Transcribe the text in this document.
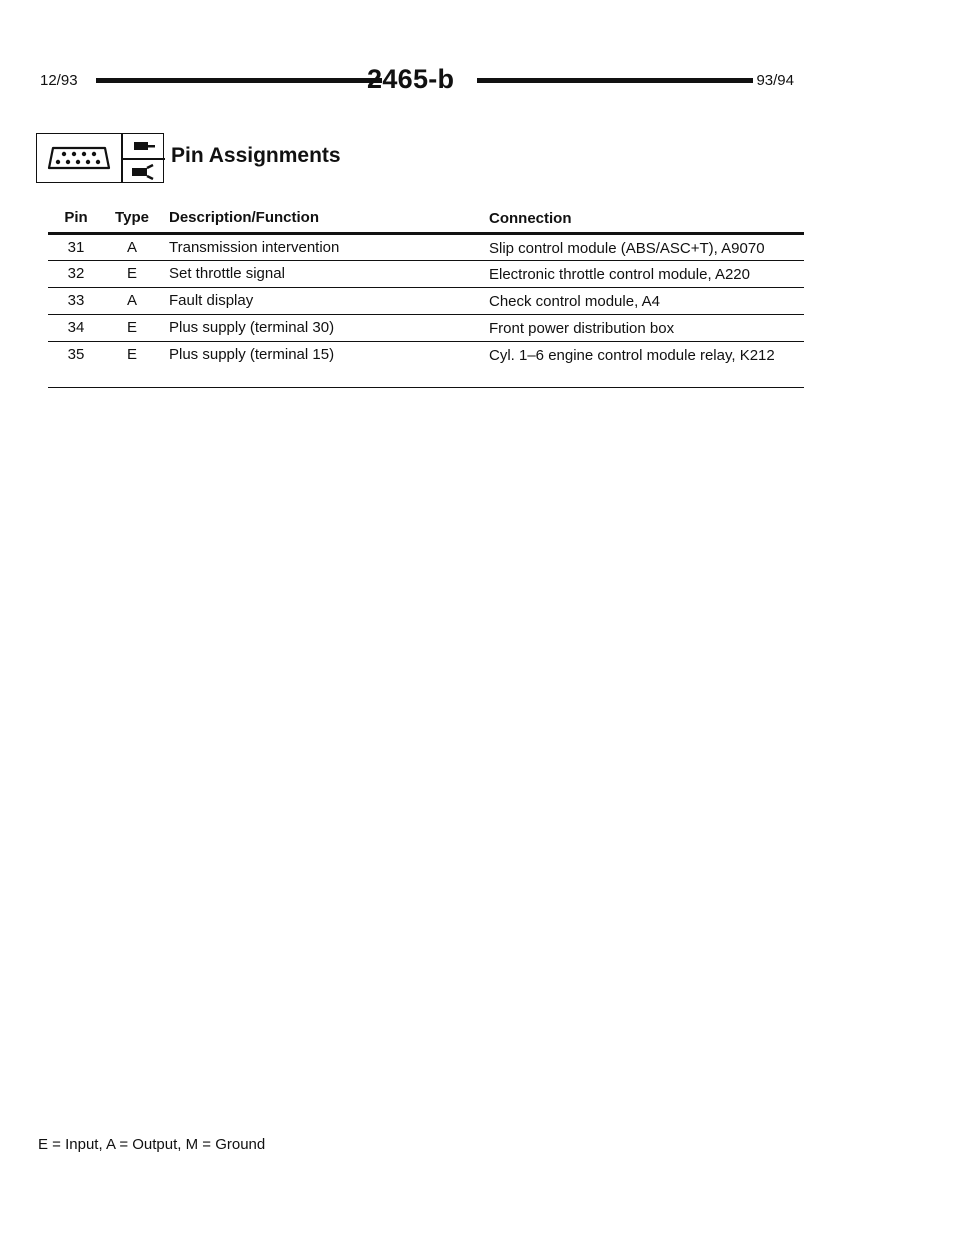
12/93	2465-b	93/94
Pin Assignments
Pin	Type	Description/Function	Connection
31	A	Transmission intervention	Slip control module (ABS/ASC+T), A9070
32	E	Set throttle signal	Electronic throttle control module, A220
33	A	Fault display	Check control module, A4
34	E	Plus supply (terminal 30)	Front power distribution box
35	E	Plus supply (terminal 15)	Cyl. 1–6 engine control module relay, K212
E = Input, A = Output, M = Ground
